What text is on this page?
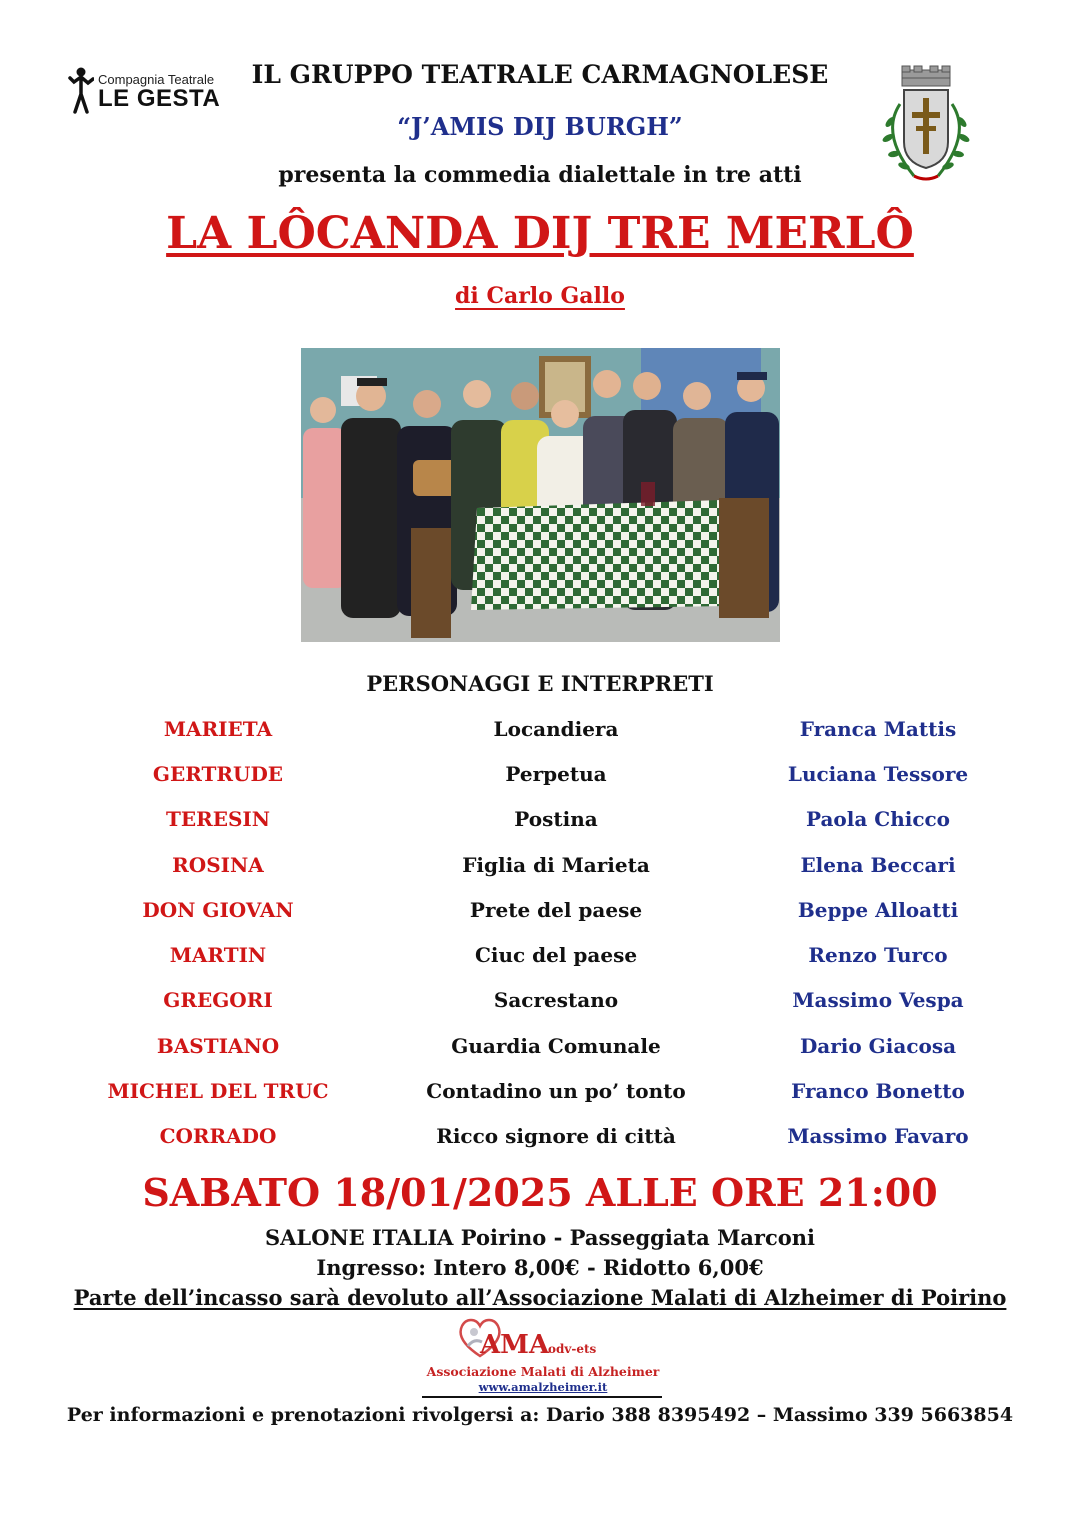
Compagnia Teatrale
LE GESTA
IL GRUPPO TEATRALE CARMAGNOLESE
“J’AMIS DIJ BURGH”
presenta la commedia dialettale in tre atti
LA LÔCANDA DIJ TRE MERLÔ
di Carlo Gallo
PERSONAGGI E INTERPRETI
MARIETA	Locandiera	Franca Mattis
GERTRUDE	Perpetua	Luciana Tessore
TERESIN	Postina	Paola Chicco
ROSINA	Figlia di Marieta	Elena Beccari
DON GIOVAN	Prete del paese	Beppe Alloatti
MARTIN	Ciuc del paese	Renzo Turco
GREGORI	Sacrestano	Massimo Vespa
BASTIANO	Guardia Comunale	Dario Giacosa
MICHEL DEL TRUC	Contadino un po’ tonto	Franco Bonetto
CORRADO	Ricco signore di città	Massimo Favaro
SABATO 18/01/2025 ALLE ORE 21:00
SALONE ITALIA Poirino - Passeggiata Marconi
Ingresso: Intero 8,00€ - Ridotto 6,00€
Parte dell’incasso sarà devoluto all’Associazione Malati di Alzheimer di Poirino
AMA
odv-ets
Associazione Malati di Alzheimer
www.amalzheimer.it
Per informazioni e prenotazioni rivolgersi a: Dario 388 8395492 – Massimo 339 5663854
